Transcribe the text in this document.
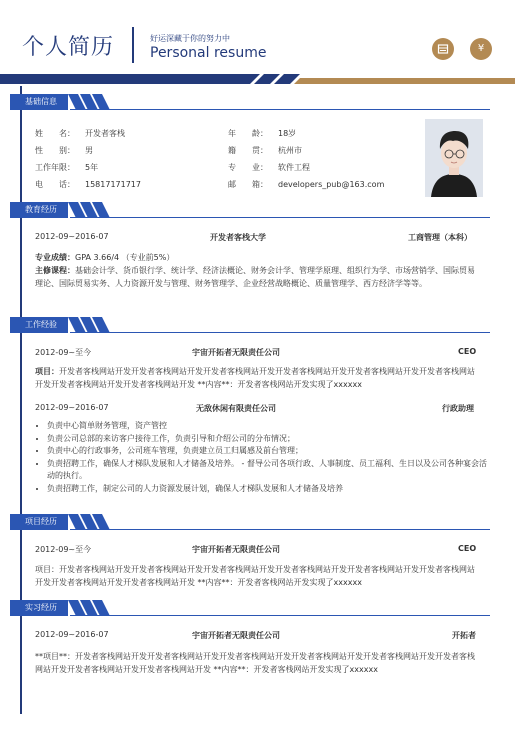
个人简历	好运深藏于你的努力中
Personal resume	¥
基础信息
姓　　名： 开发者客栈
性　　别： 男
工作年限： 5年
电　　话： 15817171717
年　　龄： 18岁
籍　　贯： 杭州市
专　　业： 软件工程
邮　　箱： developers_pub@163.com
教育经历
2012-09~2016-07	开发者客栈大学	工商管理（本科）
专业成绩：GPA 3.66/4 （专业前5%）
主修课程：基础会计学、货币银行学、统计学、经济法概论、财务会计学、管理学原理、组织行为学、市场营销学、国际贸易理论、国际贸易实务、人力资源开发与管理、财务管理学、企业经营战略概论、质量管理学、西方经济学等等。
工作经验
2012-09~至今	宇宙开拓者无限责任公司	CEO
项目：开发者客栈网站开发开发者客栈网站开发开发者客栈网站开发开发者客栈网站开发开发者客栈网站开发开发者客栈网站开发开发者客栈网站开发开发者客栈网站开发 **内容**：开发者客栈网站开发实现了xxxxxx
2012-09~2016-07	无敌休闲有限责任公司	行政助理
• 负责中心简单财务管理，资产管控
• 负责公司总部的来访客户接待工作，负责引导和介绍公司的分布情况；
• 负责中心的行政事务，公司班车管理，负责建立员工归属感及前台管理；
• 负责招聘工作，确保人才梯队发展和人才储备及培养。 - 督导公司各项行政、人事制度、员工福利、生日以及公司各种宴会活动的执行。
• 负责招聘工作，制定公司的人力资源发展计划，确保人才梯队发展和人才储备及培养
项目经历
2012-09~至今	宇宙开拓者无限责任公司	CEO
项目：开发者客栈网站开发开发者客栈网站开发开发者客栈网站开发开发者客栈网站开发开发者客栈网站开发开发者客栈网站开发开发者客栈网站开发开发者客栈网站开发 **内容**：开发者客栈网站开发实现了xxxxxx
实习经历
2012-09~2016-07	宇宙开拓者无限责任公司	开拓者
**项目**：开发者客栈网站开发开发者客栈网站开发开发者客栈网站开发开发者客栈网站开发开发者客栈网站开发开发者客栈网站开发开发者客栈网站开发开发者客栈网站开发 **内容**：开发者客栈网站开发实现了xxxxxx
